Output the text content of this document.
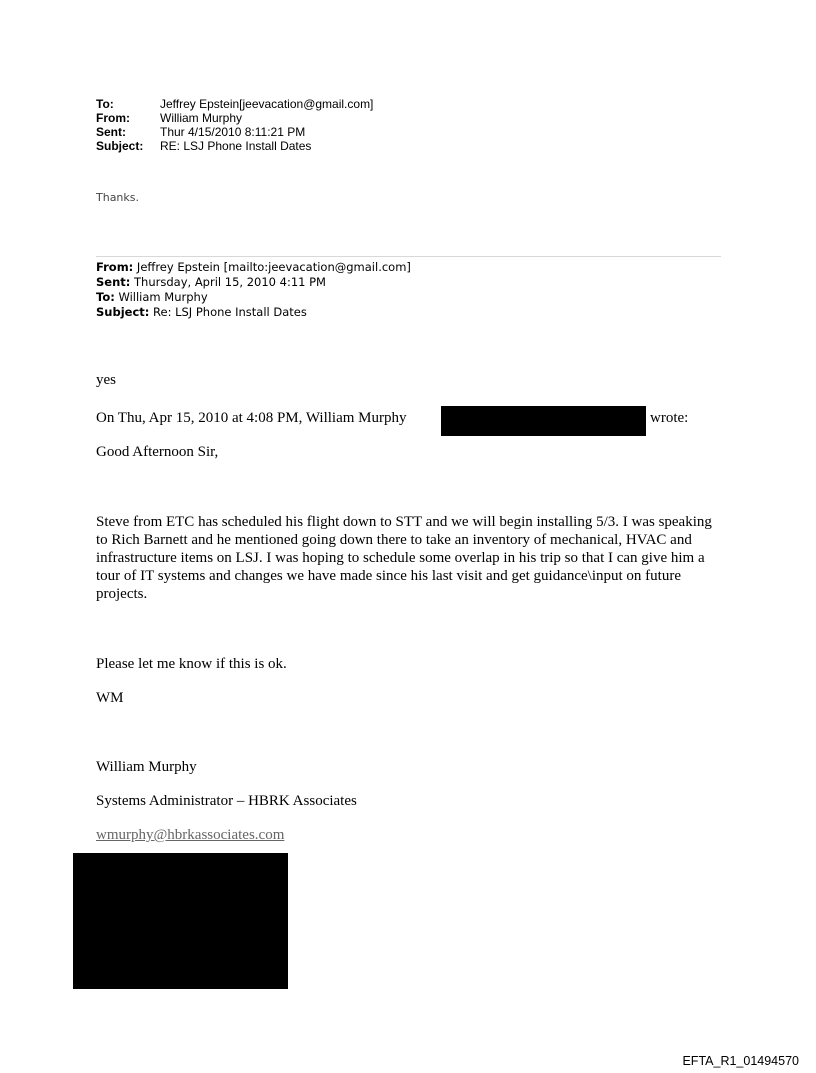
To:	Jeffrey Epstein[jeevacation@gmail.com]
From:	William Murphy
Sent:	Thur 4/15/2010 8:11:21 PM
Subject:	RE: LSJ Phone Install Dates
Thanks.
From: Jeffrey Epstein [mailto:jeevacation@gmail.com]
Sent: Thursday, April 15, 2010 4:11 PM
To: William Murphy
Subject: Re: LSJ Phone Install Dates

yes

On Thu, Apr 15, 2010 at 4:08 PM, William Murphy	wrote:

Good Afternoon Sir,

Steve from ETC has scheduled his flight down to STT and we will begin installing 5/3. I was speaking to Rich Barnett and he mentioned going down there to take an inventory of mechanical, HVAC and infrastructure items on LSJ. I was hoping to schedule some overlap in his trip so that I can give him a tour of IT systems and changes we have made since his last visit and get guidance\input on future projects.

Please let me know if this is ok.

WM

William Murphy

Systems Administrator – HBRK Associates

wmurphy@hbrkassociates.com

EFTA_R1_01494570
